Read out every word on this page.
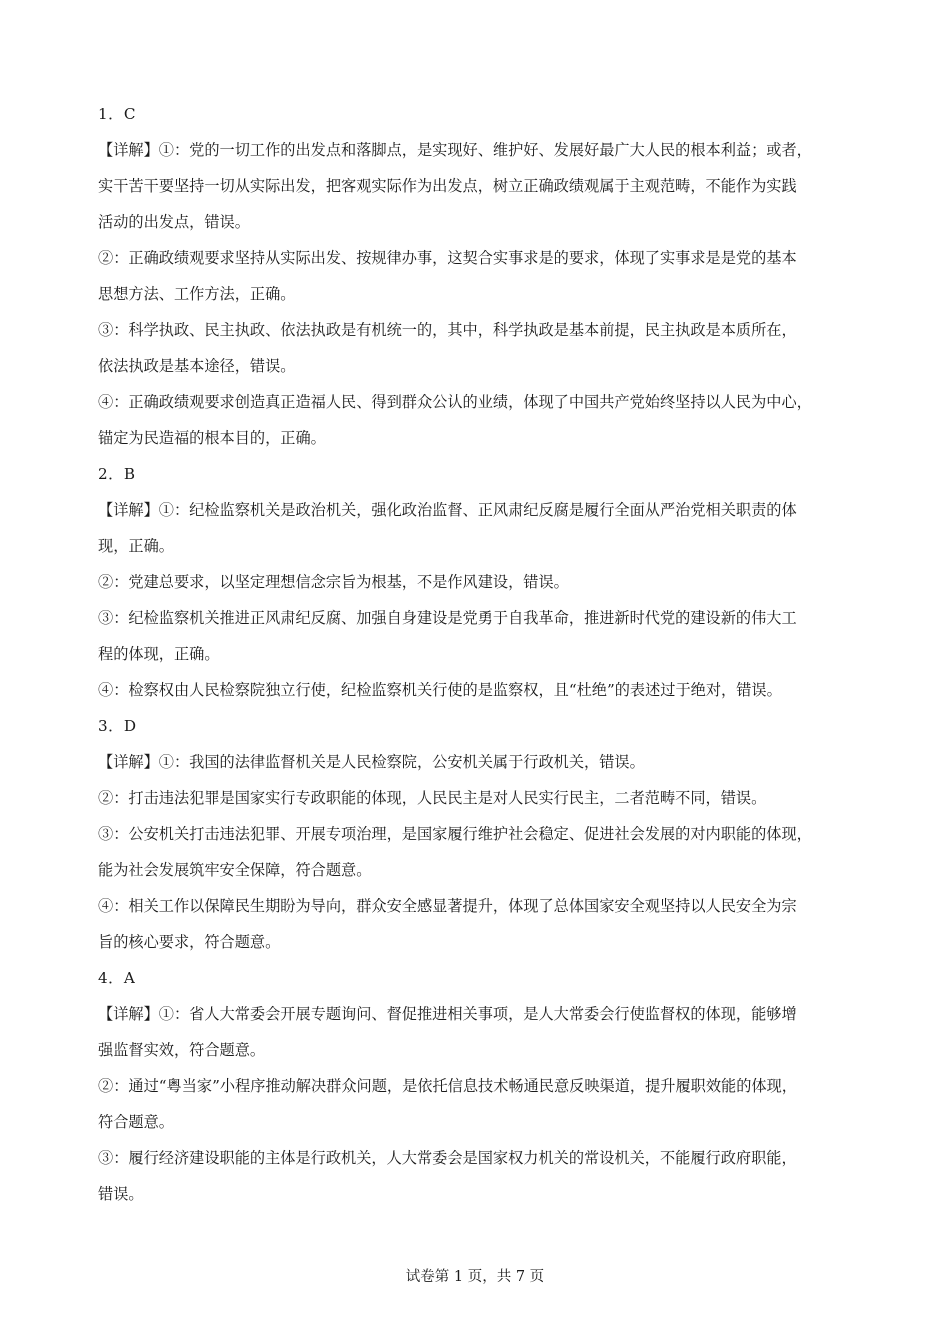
1．C
【详解】①：党的一切工作的出发点和落脚点，是实现好、维护好、发展好最广大人民的根本利益；或者，
实干苦干要坚持一切从实际出发，把客观实际作为出发点，树立正确政绩观属于主观范畴，不能作为实践
活动的出发点，错误。
②：正确政绩观要求坚持从实际出发、按规律办事，这契合实事求是的要求，体现了实事求是是党的基本
思想方法、工作方法，正确。
③：科学执政、民主执政、依法执政是有机统一的，其中，科学执政是基本前提，民主执政是本质所在，
依法执政是基本途径，错误。
④：正确政绩观要求创造真正造福人民、得到群众公认的业绩，体现了中国共产党始终坚持以人民为中心，
锚定为民造福的根本目的，正确。
2．B
【详解】①：纪检监察机关是政治机关，强化政治监督、正风肃纪反腐是履行全面从严治党相关职责的体
现，正确。
②：党建总要求，以坚定理想信念宗旨为根基，不是作风建设，错误。
③：纪检监察机关推进正风肃纪反腐、加强自身建设是党勇于自我革命，推进新时代党的建设新的伟大工
程的体现，正确。
④：检察权由人民检察院独立行使，纪检监察机关行使的是监察权，且“杜绝”的表述过于绝对，错误。
3．D
【详解】①：我国的法律监督机关是人民检察院，公安机关属于行政机关，错误。
②：打击违法犯罪是国家实行专政职能的体现，人民民主是对人民实行民主，二者范畴不同，错误。
③：公安机关打击违法犯罪、开展专项治理，是国家履行维护社会稳定、促进社会发展的对内职能的体现，
能为社会发展筑牢安全保障，符合题意。
④：相关工作以保障民生期盼为导向，群众安全感显著提升，体现了总体国家安全观坚持以人民安全为宗
旨的核心要求，符合题意。
4．A
【详解】①：省人大常委会开展专题询问、督促推进相关事项，是人大常委会行使监督权的体现，能够增
强监督实效，符合题意。
②：通过“粤当家”小程序推动解决群众问题，是依托信息技术畅通民意反映渠道，提升履职效能的体现，
符合题意。
③：履行经济建设职能的主体是行政机关，人大常委会是国家权力机关的常设机关，不能履行政府职能，
错误。
试卷第 1 页，共 7 页
